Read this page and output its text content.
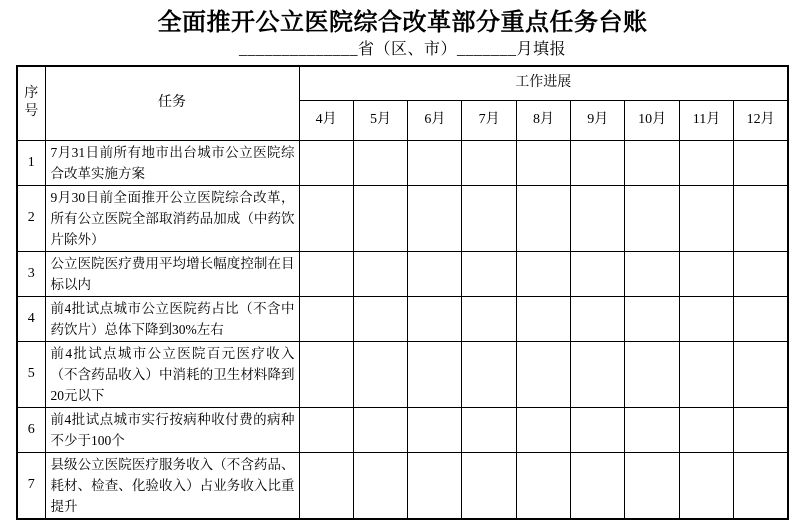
全面推开公立医院综合改革部分重点任务台账
______________省（区、市）_______月填报
序号	任务	工作进展								
		4月	5月	6月	7月	8月	9月	10月	11月	12月
1	7月31日前所有地市出台城市公立医院综合改革实施方案									
2	9月30日前全面推开公立医院综合改革，所有公立医院全部取消药品加成（中药饮片除外）									
3	公立医院医疗费用平均增长幅度控制在目标以内									
4	前4批试点城市公立医院药占比（不含中药饮片）总体下降到30%左右									
5	前4批试点城市公立医院百元医疗收入（不含药品收入）中消耗的卫生材料降到20元以下									
6	前4批试点城市实行按病种收付费的病种不少于100个									
7	县级公立医院医疗服务收入（不含药品、耗材、检查、化验收入）占业务收入比重提升									
